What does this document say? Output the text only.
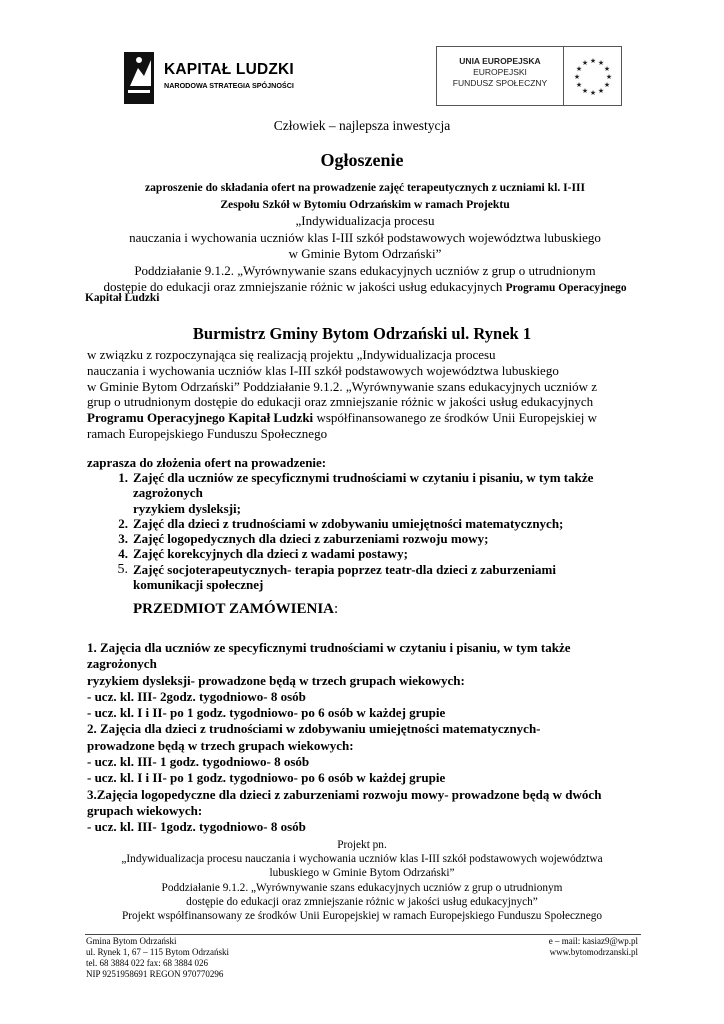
KAPITAŁ LUDZKI
NARODOWA STRATEGIA SPÓJNOŚCI
UNIA EUROPEJSKA
EUROPEJSKI
FUNDUSZ SPOŁECZNY
★ ★
★
★
★
★
★
★
★
★
★
★
Człowiek – najlepsza inwestycja
Ogłoszenie
zaproszenie do składania ofert na prowadzenie zajęć terapeutycznych z uczniami kl. I-III
Zespołu Szkół w Bytomiu Odrzańskim w ramach Projektu
„Indywidualizacja procesu
nauczania i wychowania uczniów klas I-III szkół podstawowych województwa lubuskiego
w Gminie Bytom Odrzański”
Poddziałanie 9.1.2. „Wyrównywanie szans edukacyjnych uczniów z grup o utrudnionym
dostępie do edukacji oraz zmniejszanie różnic w jakości usług edukacyjnych Programu Operacyjnego
Kapitał Ludzki
Burmistrz Gminy Bytom Odrzański ul. Rynek 1
w związku z rozpoczynająca się realizacją projektu „Indywidualizacja procesu
nauczania i wychowania uczniów klas I-III szkół podstawowych województwa lubuskiego
w Gminie Bytom Odrzański” Poddziałanie 9.1.2. „Wyrównywanie szans edukacyjnych uczniów z
grup o utrudnionym dostępie do edukacji oraz zmniejszanie różnic w jakości usług edukacyjnych
Programu Operacyjnego Kapitał Ludzki współfinansowanego ze środków Unii Europejskiej w
ramach Europejskiego Funduszu Społecznego
zaprasza do złożenia ofert na prowadzenie:
1. Zajęć dla uczniów ze specyficznymi trudnościami w czytaniu i pisaniu, w tym także
zagrożonych
ryzykiem dysleksji;
2. Zajęć dla dzieci z trudnościami w zdobywaniu umiejętności matematycznych;
3. Zajęć logopedycznych dla dzieci z zaburzeniami rozwoju mowy;
4. Zajęć korekcyjnych dla dzieci z wadami postawy;
5. Zajęć socjoterapeutycznych- terapia poprzez teatr-dla dzieci z zaburzeniami
komunikacji społecznej
PRZEDMIOT ZAMÓWIENIA:
1. Zajęcia dla uczniów ze specyficznymi trudnościami w czytaniu i pisaniu, w tym także
zagrożonych
ryzykiem dysleksji- prowadzone będą w trzech grupach wiekowych:
- ucz. kl. III- 2godz. tygodniowo- 8 osób
- ucz. kl. I i II- po 1 godz. tygodniowo- po 6 osób w każdej grupie
2. Zajęcia dla dzieci z trudnościami w zdobywaniu umiejętności matematycznych-
prowadzone będą w trzech grupach wiekowych:
- ucz. kl. III- 1 godz. tygodniowo- 8 osób
- ucz. kl. I i II- po 1 godz. tygodniowo- po 6 osób w każdej grupie
3.Zajęcia logopedyczne dla dzieci z zaburzeniami rozwoju mowy- prowadzone będą w dwóch
grupach wiekowych:
- ucz. kl. III- 1godz. tygodniowo- 8 osób
Projekt pn.
„Indywidualizacja procesu nauczania i wychowania uczniów klas I-III szkół podstawowych województwa
lubuskiego w Gminie Bytom Odrzański”
Poddziałanie 9.1.2. „Wyrównywanie szans edukacyjnych uczniów z grup o utrudnionym
dostępie do edukacji oraz zmniejszanie różnic w jakości usług edukacyjnych”
Projekt współfinansowany ze środków Unii Europejskiej w ramach Europejskiego Funduszu Społecznego
Gmina Bytom Odrzański
ul. Rynek 1, 67 – 115 Bytom Odrzański
tel. 68 3884 022 fax: 68 3884 026
NIP 9251958691 REGON 970770296
e – mail: kasiaz9@wp.pl
www.bytomodrzanski.pl
